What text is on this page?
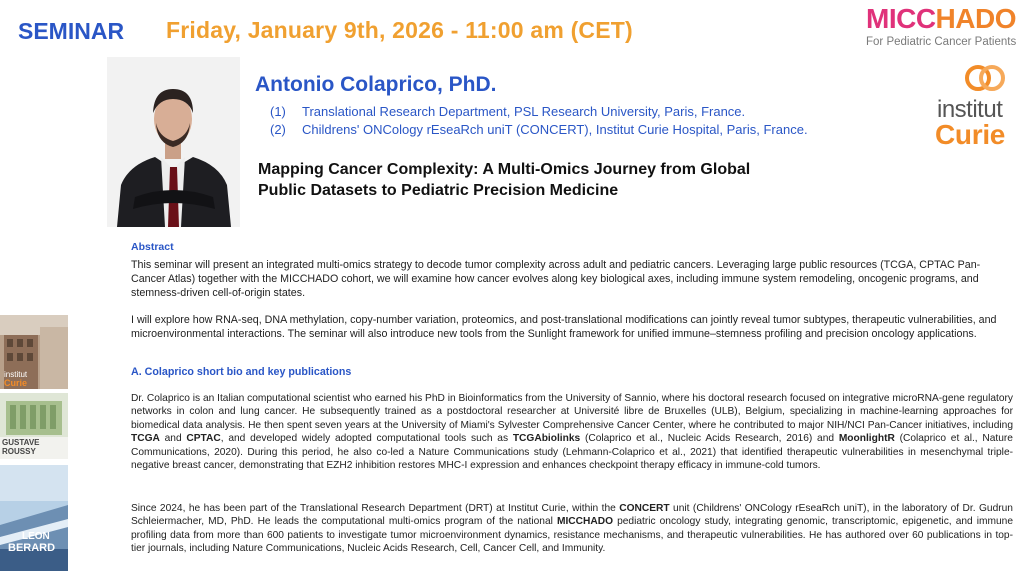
SEMINAR Friday, January 9th, 2026 - 11:00 am (CET)	MICCHADO
For Pediatric Cancer Patients
institut
Curie
Antonio Colaprico, PhD.
(1) Translational Research Department, PSL Research University, Paris, France.
(2) Childrens' ONCology rEseaRch uniT (CONCERT), Institut Curie Hospital, Paris, France.
Mapping Cancer Complexity: A Multi-Omics Journey from Global
Public Datasets to Pediatric Precision Medicine
Abstract
This seminar will present an integrated multi-omics strategy to decode tumor complexity across adult and pediatric cancers. Leveraging large public resources (TCGA, CPTAC Pan-Cancer Atlas) together with the MICCHADO cohort, we will examine how cancer evolves along key biological axes, including immune system remodeling, oncogenic programs, and stemness-driven cell-of-origin states.
I will explore how RNA-seq, DNA methylation, copy-number variation, proteomics, and post-translational modifications can jointly reveal tumor subtypes, therapeutic vulnerabilities, and microenvironmental interactions. The seminar will also introduce new tools from the Sunlight framework for unified immune–stemness profiling and precision oncology applications.
A. Colaprico short bio and key publications
Dr. Colaprico is an Italian computational scientist who earned his PhD in Bioinformatics from the University of Sannio, where his doctoral research focused on integrative microRNA-gene regulatory networks in colon and lung cancer. He subsequently trained as a postdoctoral researcher at Université libre de Bruxelles (ULB), Belgium, specializing in machine-learning approaches for biomedical data analysis. He then spent seven years at the University of Miami's Sylvester Comprehensive Cancer Center, where he contributed to major NIH/NCI Pan-Cancer initiatives, including TCGA and CPTAC, and developed widely adopted computational tools such as TCGAbiolinks (Colaprico et al., Nucleic Acids Research, 2016) and MoonlightR (Colaprico et al., Nature Communications, 2020). During this period, he also co-led a Nature Communications study (Lehmann-Colaprico et al., 2021) that identified therapeutic vulnerabilities in mesenchymal triple-negative breast cancer, demonstrating that EZH2 inhibition restores MHC-I expression and enhances checkpoint therapy efficacy in immune-cold tumors.
Since 2024, he has been part of the Translational Research Department (DRT) at Institut Curie, within the CONCERT unit (Childrens' ONCology rEseaRch uniT), in the laboratory of Dr. Gudrun Schleiermacher, MD, PhD. He leads the computational multi-omics program of the national MICCHADO pediatric oncology study, integrating genomic, transcriptomic, epigenetic, and immune profiling data from more than 600 patients to investigate tumor microenvironment dynamics, resistance mechanisms, and therapeutic vulnerabilities. He has authored over 60 publications in top-tier journals, including Nature Communications, Nucleic Acids Research, Cell, Cancer Cell, and Immunity.
institut
Curie
GUSTAVE
ROUSSY
LEON
BERARD
